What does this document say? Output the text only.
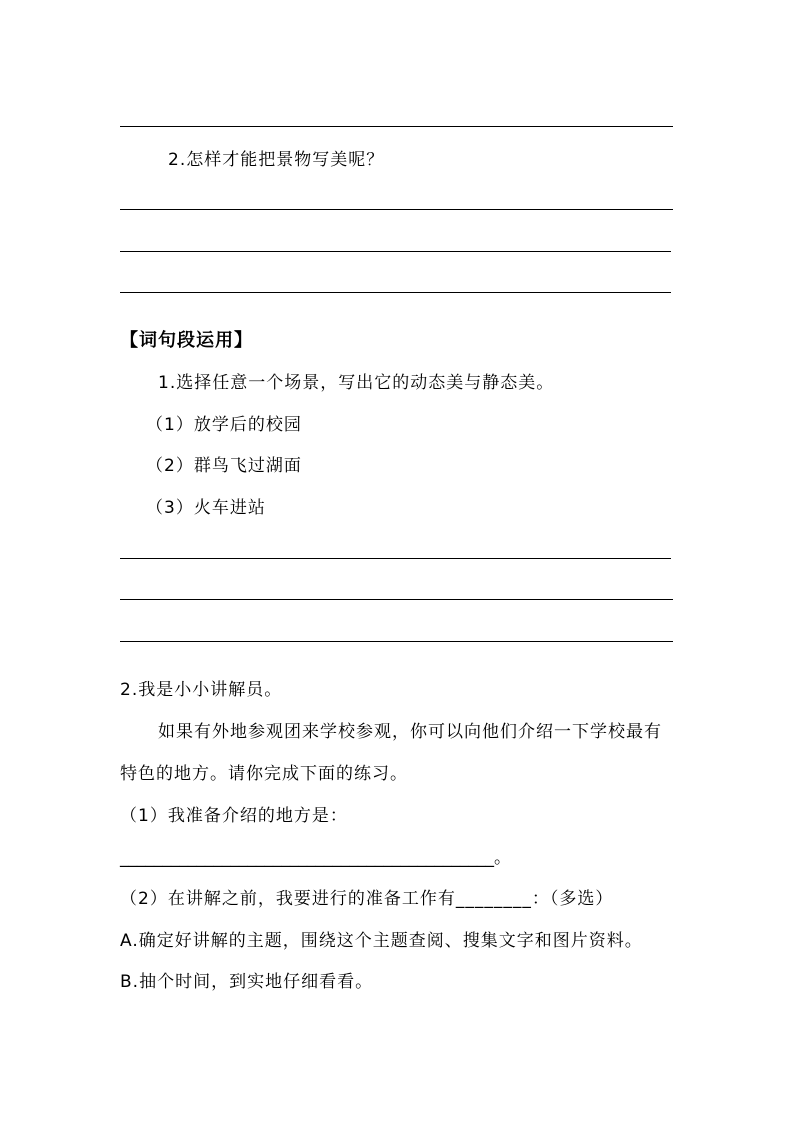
2.怎样才能把景物写美呢？
【词句段运用】
1.选择任意一个场景，写出它的动态美与静态美。
（1）放学后的校园
（2）群鸟飞过湖面
（3）火车进站
2.我是小小讲解员。
如果有外地参观团来学校参观，你可以向他们介绍一下学校最有
特色的地方。请你完成下面的练习。
（1）我准备介绍的地方是：
____________________________________________。
（2）在讲解之前，我要进行的准备工作有________：（多选）
A.确定好讲解的主题，围绕这个主题查阅、搜集文字和图片资料。
B.抽个时间，到实地仔细看看。
